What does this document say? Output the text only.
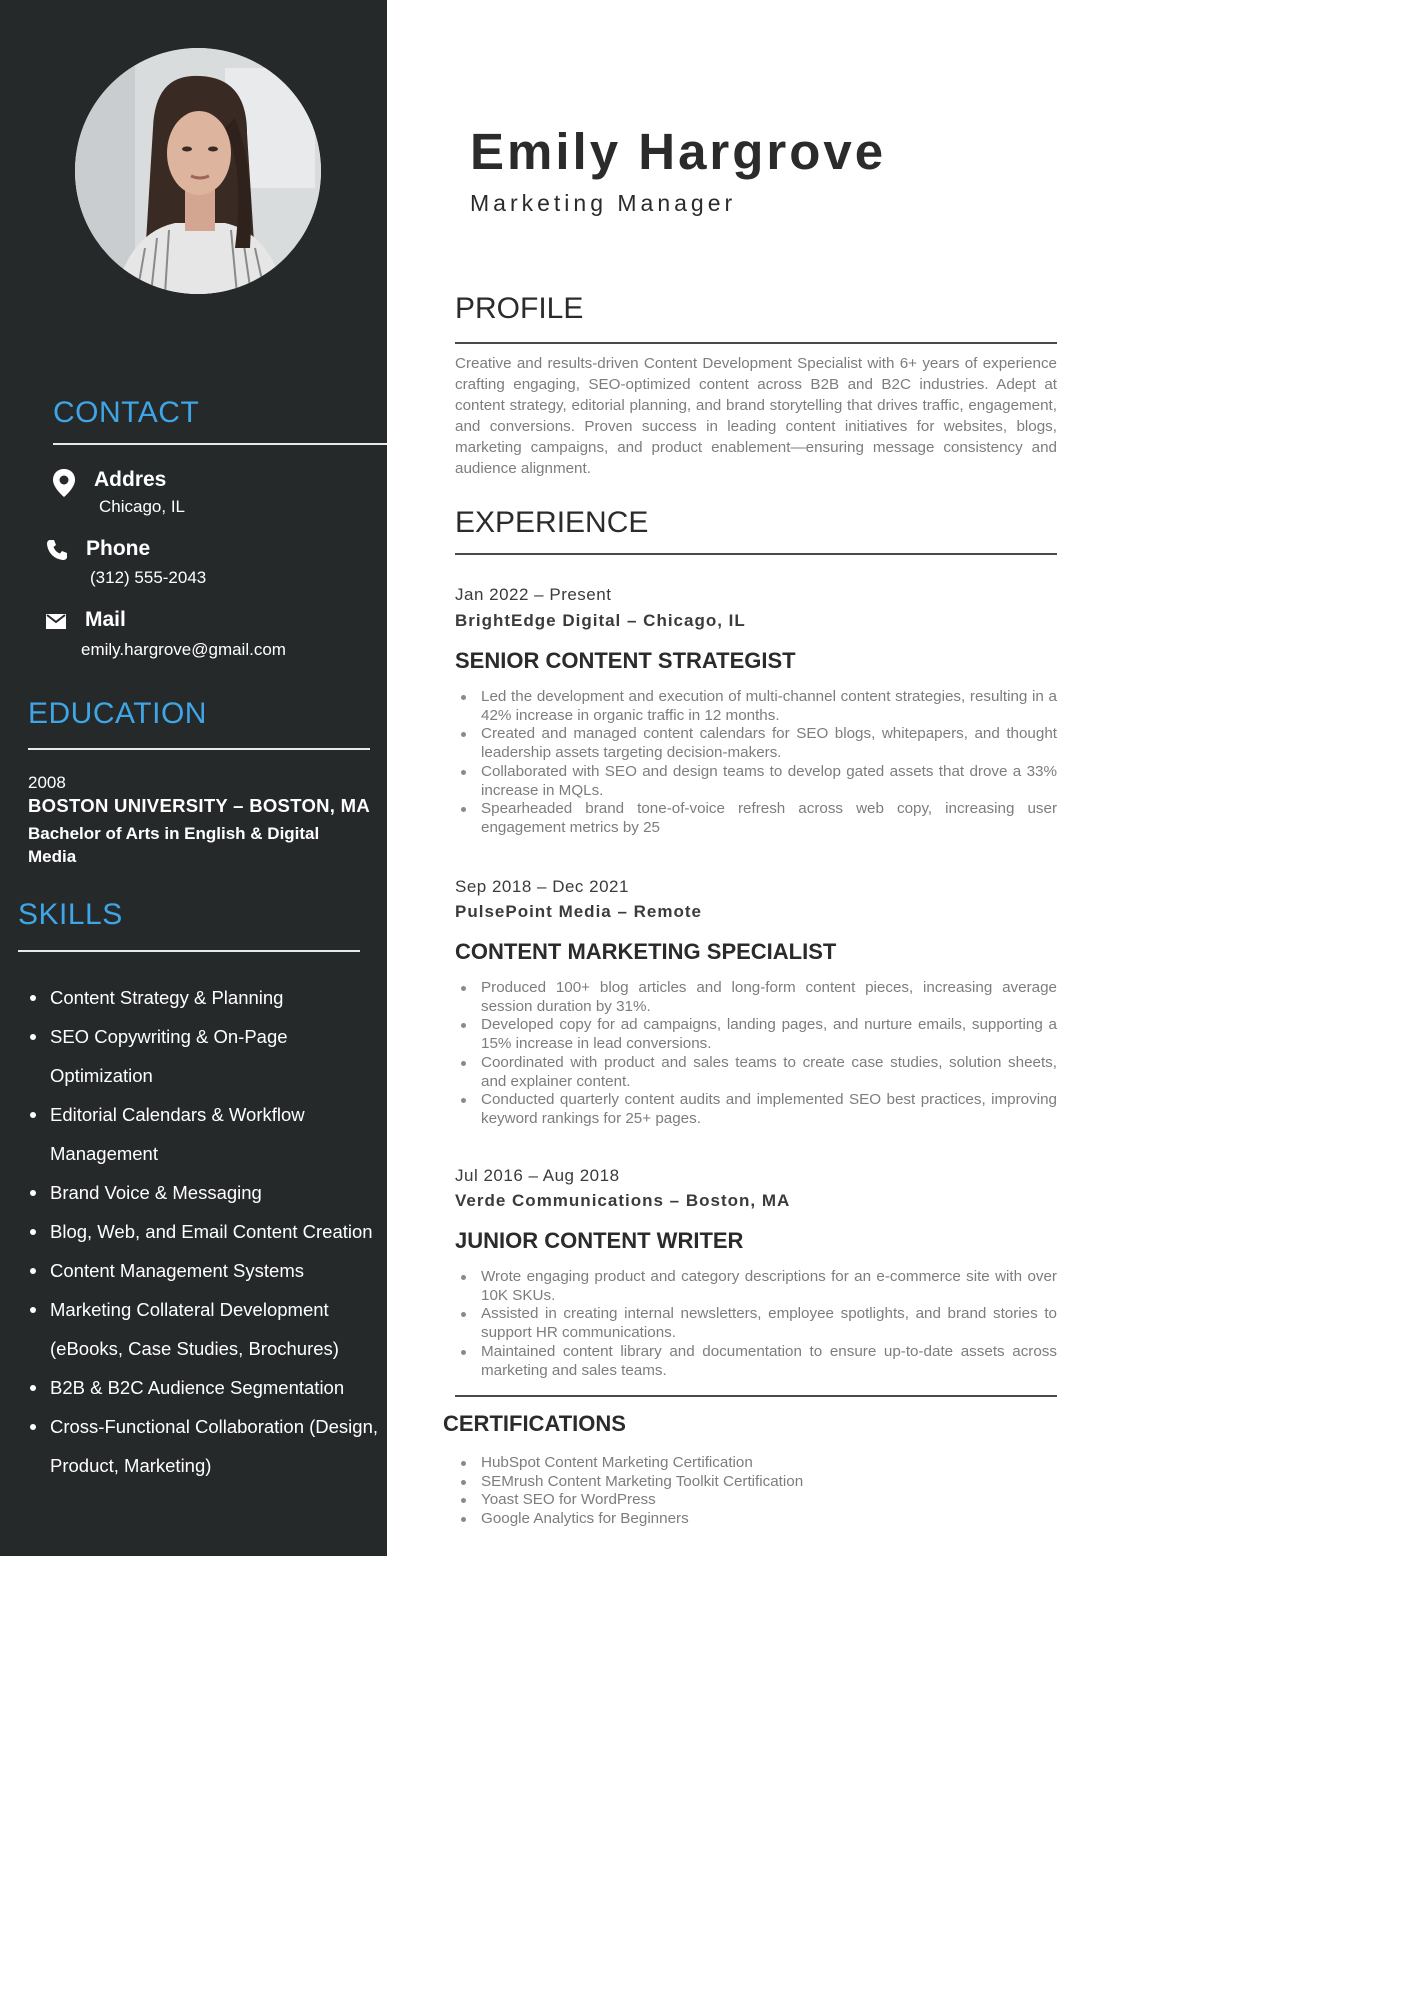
CONTACT
Addres
Chicago, IL
Phone
(312) 555-2043
Mail
emily.hargrove@gmail.com
EDUCATION
2008
BOSTON UNIVERSITY – BOSTON, MA
Bachelor of Arts in English & Digital Media
SKILLS
Content Strategy & Planning
SEO Copywriting & On-Page Optimization
Editorial Calendars & Workflow Management
Brand Voice & Messaging
Blog, Web, and Email Content Creation
Content Management Systems
Marketing Collateral Development (eBooks, Case Studies, Brochures)
B2B & B2C Audience Segmentation
Cross-Functional Collaboration (Design, Product, Marketing)
Emily Hargrove
Marketing Manager
PROFILE

Creative and results-driven Content Development Specialist with 6+ years of experience crafting engaging, SEO-optimized content across B2B and B2C industries. Adept at content strategy, editorial planning, and brand storytelling that drives traffic, engagement, and conversions. Proven success in leading content initiatives for websites, blogs, marketing campaigns, and product enablement—ensuring message consistency and audience alignment.

EXPERIENCE
Jan 2022 – Present
BrightEdge Digital – Chicago, IL
SENIOR CONTENT STRATEGIST
Led the development and execution of multi-channel content strategies, resulting in a 42% increase in organic traffic in 12 months.
Created and managed content calendars for SEO blogs, whitepapers, and thought leadership assets targeting decision-makers.
Collaborated with SEO and design teams to develop gated assets that drove a 33% increase in MQLs.
Spearheaded brand tone-of-voice refresh across web copy, increasing user engagement metrics by 25
Sep 2018 – Dec 2021
PulsePoint Media – Remote
CONTENT MARKETING SPECIALIST
Produced 100+ blog articles and long-form content pieces, increasing average session duration by 31%.
Developed copy for ad campaigns, landing pages, and nurture emails, supporting a 15% increase in lead conversions.
Coordinated with product and sales teams to create case studies, solution sheets, and explainer content.
Conducted quarterly content audits and implemented SEO best practices, improving keyword rankings for 25+ pages.
Jul 2016 – Aug 2018
Verde Communications – Boston, MA
JUNIOR CONTENT WRITER
Wrote engaging product and category descriptions for an e-commerce site with over 10K SKUs.
Assisted in creating internal newsletters, employee spotlights, and brand stories to support HR communications.
Maintained content library and documentation to ensure up-to-date assets across marketing and sales teams.
CERTIFICATIONS
HubSpot Content Marketing Certification
SEMrush Content Marketing Toolkit Certification
Yoast SEO for WordPress
Google Analytics for Beginners
